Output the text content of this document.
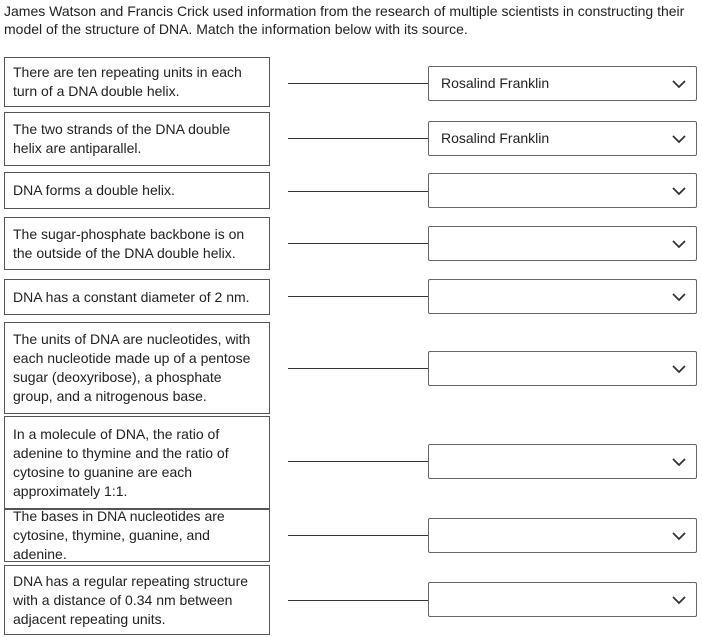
James Watson and Francis Crick used information from the research of multiple scientists in constructing their model of the structure of DNA. Match the information below with its source.
There are ten repeating units in each turn of a DNA double helix.	Rosalind Franklin
The two strands of the DNA double helix are antiparallel.
Rosalind Franklin
DNA forms a double helix.
The sugar-phosphate backbone is on the outside of the DNA double helix.
DNA has a constant diameter of 2 nm.
The units of DNA are nucleotides, with each nucleotide made up of a pentose sugar (deoxyribose), a phosphate group, and a nitrogenous base.
In a molecule of DNA, the ratio of adenine to thymine and the ratio of cytosine to guanine are each approximately 1:1.
The bases in DNA nucleotides are cytosine, thymine, guanine, and adenine.
DNA has a regular repeating structure with a distance of 0.34 nm between adjacent repeating units.
